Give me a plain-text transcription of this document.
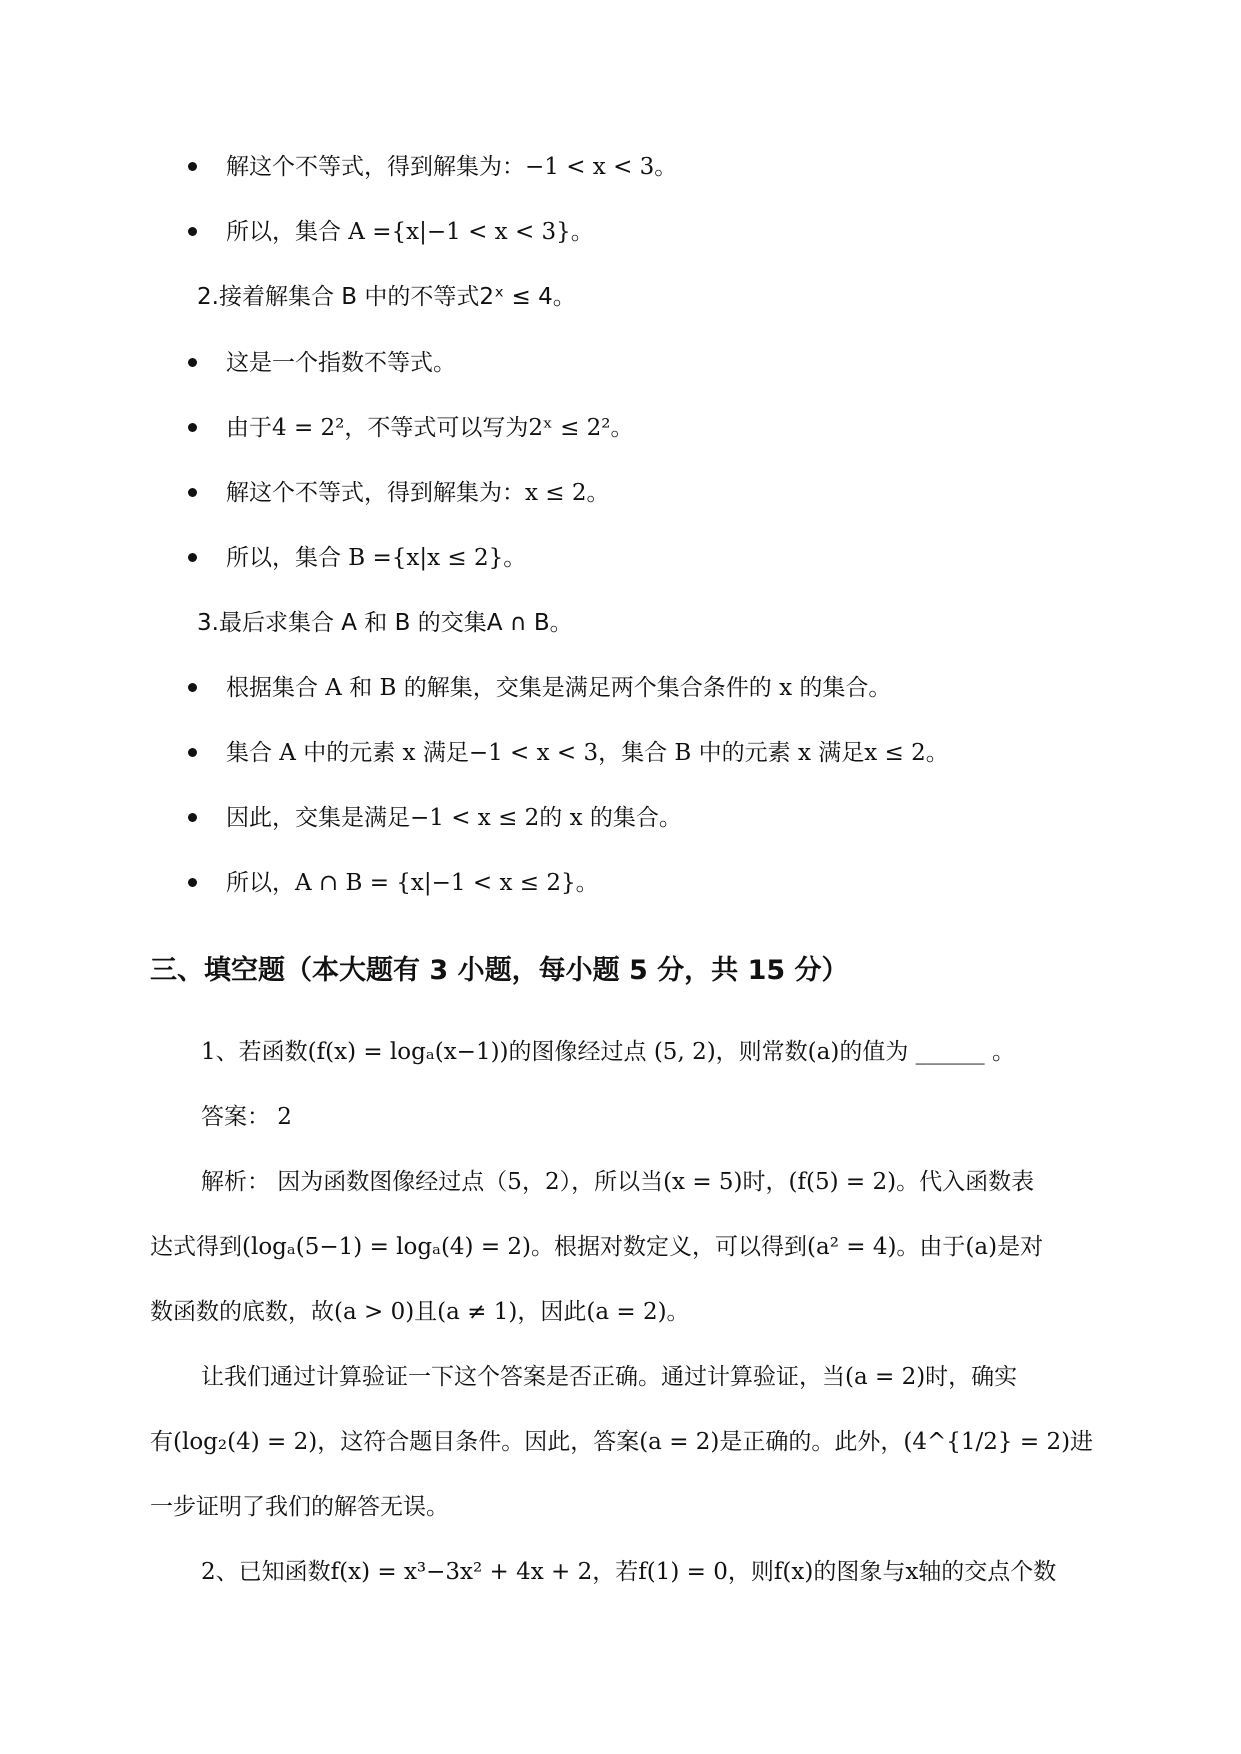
解这个不等式，得到解集为：−1 < x < 3。
所以，集合 A ={x|−1 < x < 3}。
2.接着解集合 B 中的不等式2ˣ ≤ 4。
这是一个指数不等式。
由于4 = 2²，不等式可以写为2ˣ ≤ 2²。
解这个不等式，得到解集为：x ≤ 2。
所以，集合 B ={x|x ≤ 2}。
3.最后求集合 A 和 B 的交集A ∩ B。
根据集合 A 和 B 的解集，交集是满足两个集合条件的 x 的集合。
集合 A 中的元素 x 满足−1 < x < 3，集合 B 中的元素 x 满足x ≤ 2。
因此，交集是满足−1 < x ≤ 2的 x 的集合。
所以，A ∩ B = {x|−1 < x ≤ 2}。
三、填空题（本大题有 3 小题，每小题 5 分，共 15 分）
1、若函数(f(x) = logₐ(x−1))的图像经过点 (5, 2)，则常数(a)的值为 ______ 。
答案： 2
解析： 因为函数图像经过点（5，2），所以当(x = 5)时，(f(5) = 2)。代入函数表
达式得到(logₐ(5−1) = logₐ(4) = 2)。根据对数定义，可以得到(a² = 4)。由于(a)是对
数函数的底数，故(a > 0)且(a ≠ 1)，因此(a = 2)。
让我们通过计算验证一下这个答案是否正确。通过计算验证，当(a = 2)时，确实
有(log₂(4) = 2)，这符合题目条件。因此，答案(a = 2)是正确的。此外，(4^{1/2} = 2)进
一步证明了我们的解答无误。
2、已知函数f(x) = x³−3x² + 4x + 2，若f(1) = 0，则f(x)的图象与x轴的交点个数
